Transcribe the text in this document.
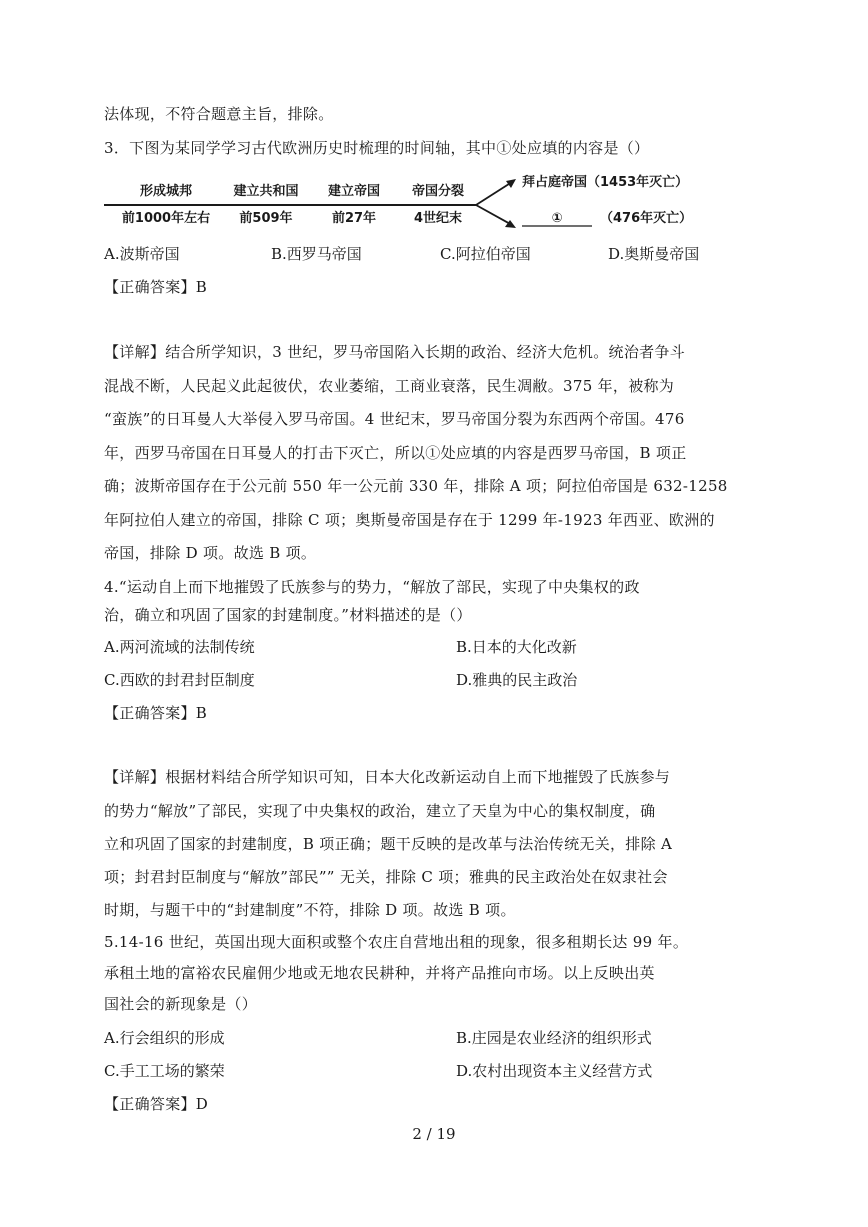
法体现，不符合题意主旨，排除。
3．下图为某同学学习古代欧洲历史时梳理的时间轴，其中①处应填的内容是（）
形成城邦
前1000年左右
建立共和国
前509年
建立帝国
前27年
帝国分裂
4世纪末
拜占庭帝国（1453年灭亡）
①	（476年灭亡）
A.波斯帝国	B.西罗马帝国	C.阿拉伯帝国	D.奥斯曼帝国
【正确答案】B
【详解】结合所学知识，3 世纪，罗马帝国陷入长期的政治、经济大危机。统治者争斗
混战不断，人民起义此起彼伏，农业萎缩，工商业衰落，民生凋敝。375 年，被称为
“蛮族”的日耳曼人大举侵入罗马帝国。4 世纪末，罗马帝国分裂为东西两个帝国。476
年，西罗马帝国在日耳曼人的打击下灭亡，所以①处应填的内容是西罗马帝国，B 项正
确；波斯帝国存在于公元前 550 年一公元前 330 年，排除 A 项；阿拉伯帝国是 632-1258
年阿拉伯人建立的帝国，排除 C 项；奥斯曼帝国是存在于 1299 年-1923 年西亚、欧洲的
帝国，排除 D 项。故选 B 项。
4.“运动自上而下地摧毁了氏族参与的势力，“解放了部民，实现了中央集权的政
治，确立和巩固了国家的封建制度。”材料描述的是（）
A.两河流域的法制传统	B.日本的大化改新
C.西欧的封君封臣制度	D.雅典的民主政治
【正确答案】B
【详解】根据材料结合所学知识可知，日本大化改新运动自上而下地摧毁了氏族参与
的势力“解放”了部民，实现了中央集权的政治，建立了天皇为中心的集权制度，确
立和巩固了国家的封建制度，B 项正确；题干反映的是改革与法治传统无关，排除 A
项；封君封臣制度与“解放”部民”” 无关，排除 C 项；雅典的民主政治处在奴隶社会
时期，与题干中的“封建制度”不符，排除 D 项。故选 B 项。
5.14-16 世纪，英国出现大面积或整个农庄自营地出租的现象，很多租期长达 99 年。
承租土地的富裕农民雇佣少地或无地农民耕种，并将产品推向市场。以上反映出英
国社会的新现象是（）
A.行会组织的形成	B.庄园是农业经济的组织形式
C.手工工场的繁荣	D.农村出现资本主义经营方式
【正确答案】D
2 / 19
